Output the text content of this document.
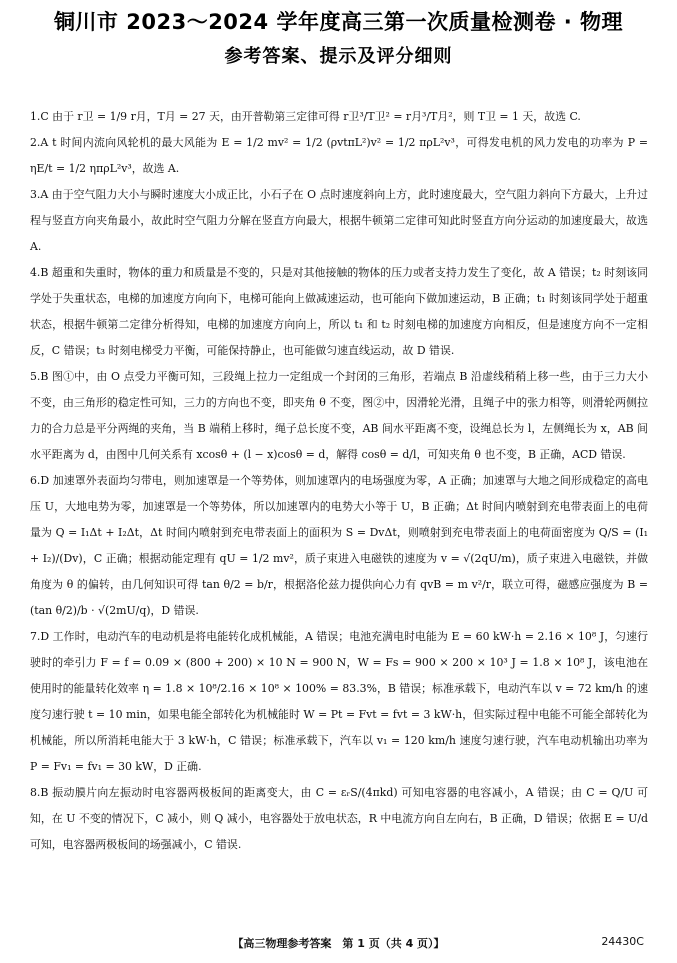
铜川市 2023～2024 学年度高三第一次质量检测卷 · 物理
参考答案、提示及评分细则

1.C 由于 r卫 = 1/9 r月，T月 = 27 天，由开普勒第三定律可得 r卫³/T卫² = r月³/T月²，则 T卫 = 1 天，故选 C.

2.A t 时间内流向风轮机的最大风能为 E = 1/2 mv² = 1/2 (ρvtπL²)v² = 1/2 πρL²v³，可得发电机的风力发电的功率为 P = ηE/t = 1/2 ηπρL²v³，故选 A.

3.A 由于空气阻力大小与瞬时速度大小成正比，小石子在 O 点时速度斜向上方，此时速度最大，空气阻力斜向下方最大，上升过程与竖直方向夹角最小，故此时空气阻力分解在竖直方向最大，根据牛顿第二定律可知此时竖直方向分运动的加速度最大，故选 A.

4.B 超重和失重时，物体的重力和质量是不变的，只是对其他接触的物体的压力或者支持力发生了变化，故 A 错误；t₂ 时刻该同学处于失重状态，电梯的加速度方向向下，电梯可能向上做减速运动，也可能向下做加速运动，B 正确；t₁ 时刻该同学处于超重状态，根据牛顿第二定律分析得知，电梯的加速度方向向上，所以 t₁ 和 t₂ 时刻电梯的加速度方向相反，但是速度方向不一定相反，C 错误；t₃ 时刻电梯受力平衡，可能保持静止，也可能做匀速直线运动，故 D 错误.

5.B 图①中，由 O 点受力平衡可知，三段绳上拉力一定组成一个封闭的三角形，若端点 B 沿虚线稍稍上移一些，由于三力大小不变，由三角形的稳定性可知，三力的方向也不变，即夹角 θ 不变，图②中，因滑轮光滑，且绳子中的张力相等，则滑轮两侧拉力的合力总是平分两绳的夹角，当 B 端稍上移时，绳子总长度不变，AB 间水平距离不变，设绳总长为 l，左侧绳长为 x，AB 间水平距离为 d，由图中几何关系有 xcosθ + (l − x)cosθ = d，解得 cosθ = d/l，可知夹角 θ 也不变，B 正确，ACD 错误.

6.D 加速罩外表面均匀带电，则加速罩是一个等势体，则加速罩内的电场强度为零，A 正确；加速罩与大地之间形成稳定的高电压 U，大地电势为零，加速罩是一个等势体，所以加速罩内的电势大小等于 U，B 正确；Δt 时间内喷射到充电带表面上的电荷量为 Q = I₁Δt + I₂Δt，Δt 时间内喷射到充电带表面上的面积为 S = DvΔt，则喷射到充电带表面上的电荷面密度为 Q/S = (I₁ + I₂)/(Dv)，C 正确；根据动能定理有 qU = 1/2 mv²，质子束进入电磁铁的速度为 v = √(2qU/m)，质子束进入电磁铁，并做角度为 θ 的偏转，由几何知识可得 tan θ/2 = b/r，根据洛伦兹力提供向心力有 qvB = m v²/r，联立可得，磁感应强度为 B = (tan θ/2)/b · √(2mU/q)，D 错误.

7.D 工作时，电动汽车的电动机是将电能转化成机械能，A 错误；电池充满电时电能为 E = 60 kW·h = 2.16 × 10⁸ J，匀速行驶时的牵引力 F = f = 0.09 × (800 + 200) × 10 N = 900 N，W = Fs = 900 × 200 × 10³ J = 1.8 × 10⁸ J，该电池在使用时的能量转化效率 η = 1.8 × 10⁸/2.16 × 10⁸ × 100% = 83.3%，B 错误；标准承载下，电动汽车以 v = 72 km/h 的速度匀速行驶 t = 10 min，如果电能全部转化为机械能时 W = Pt = Fvt = fvt = 3 kW·h，但实际过程中电能不可能全部转化为机械能，所以所消耗电能大于 3 kW·h，C 错误；标准承载下，汽车以 v₁ = 120 km/h 速度匀速行驶，汽车电动机输出功率为 P = Fv₁ = fv₁ = 30 kW，D 正确.

8.B 振动膜片向左振动时电容器两极板间的距离变大，由 C = εᵣS/(4πkd) 可知电容器的电容减小，A 错误；由 C = Q/U 可知，在 U 不变的情况下，C 减小，则 Q 减小，电容器处于放电状态，R 中电流方向自左向右，B 正确，D 错误；依据 E = U/d 可知，电容器两极板间的场强减小，C 错误.

【高三物理参考答案　第 1 页（共 4 页）】	24430C
